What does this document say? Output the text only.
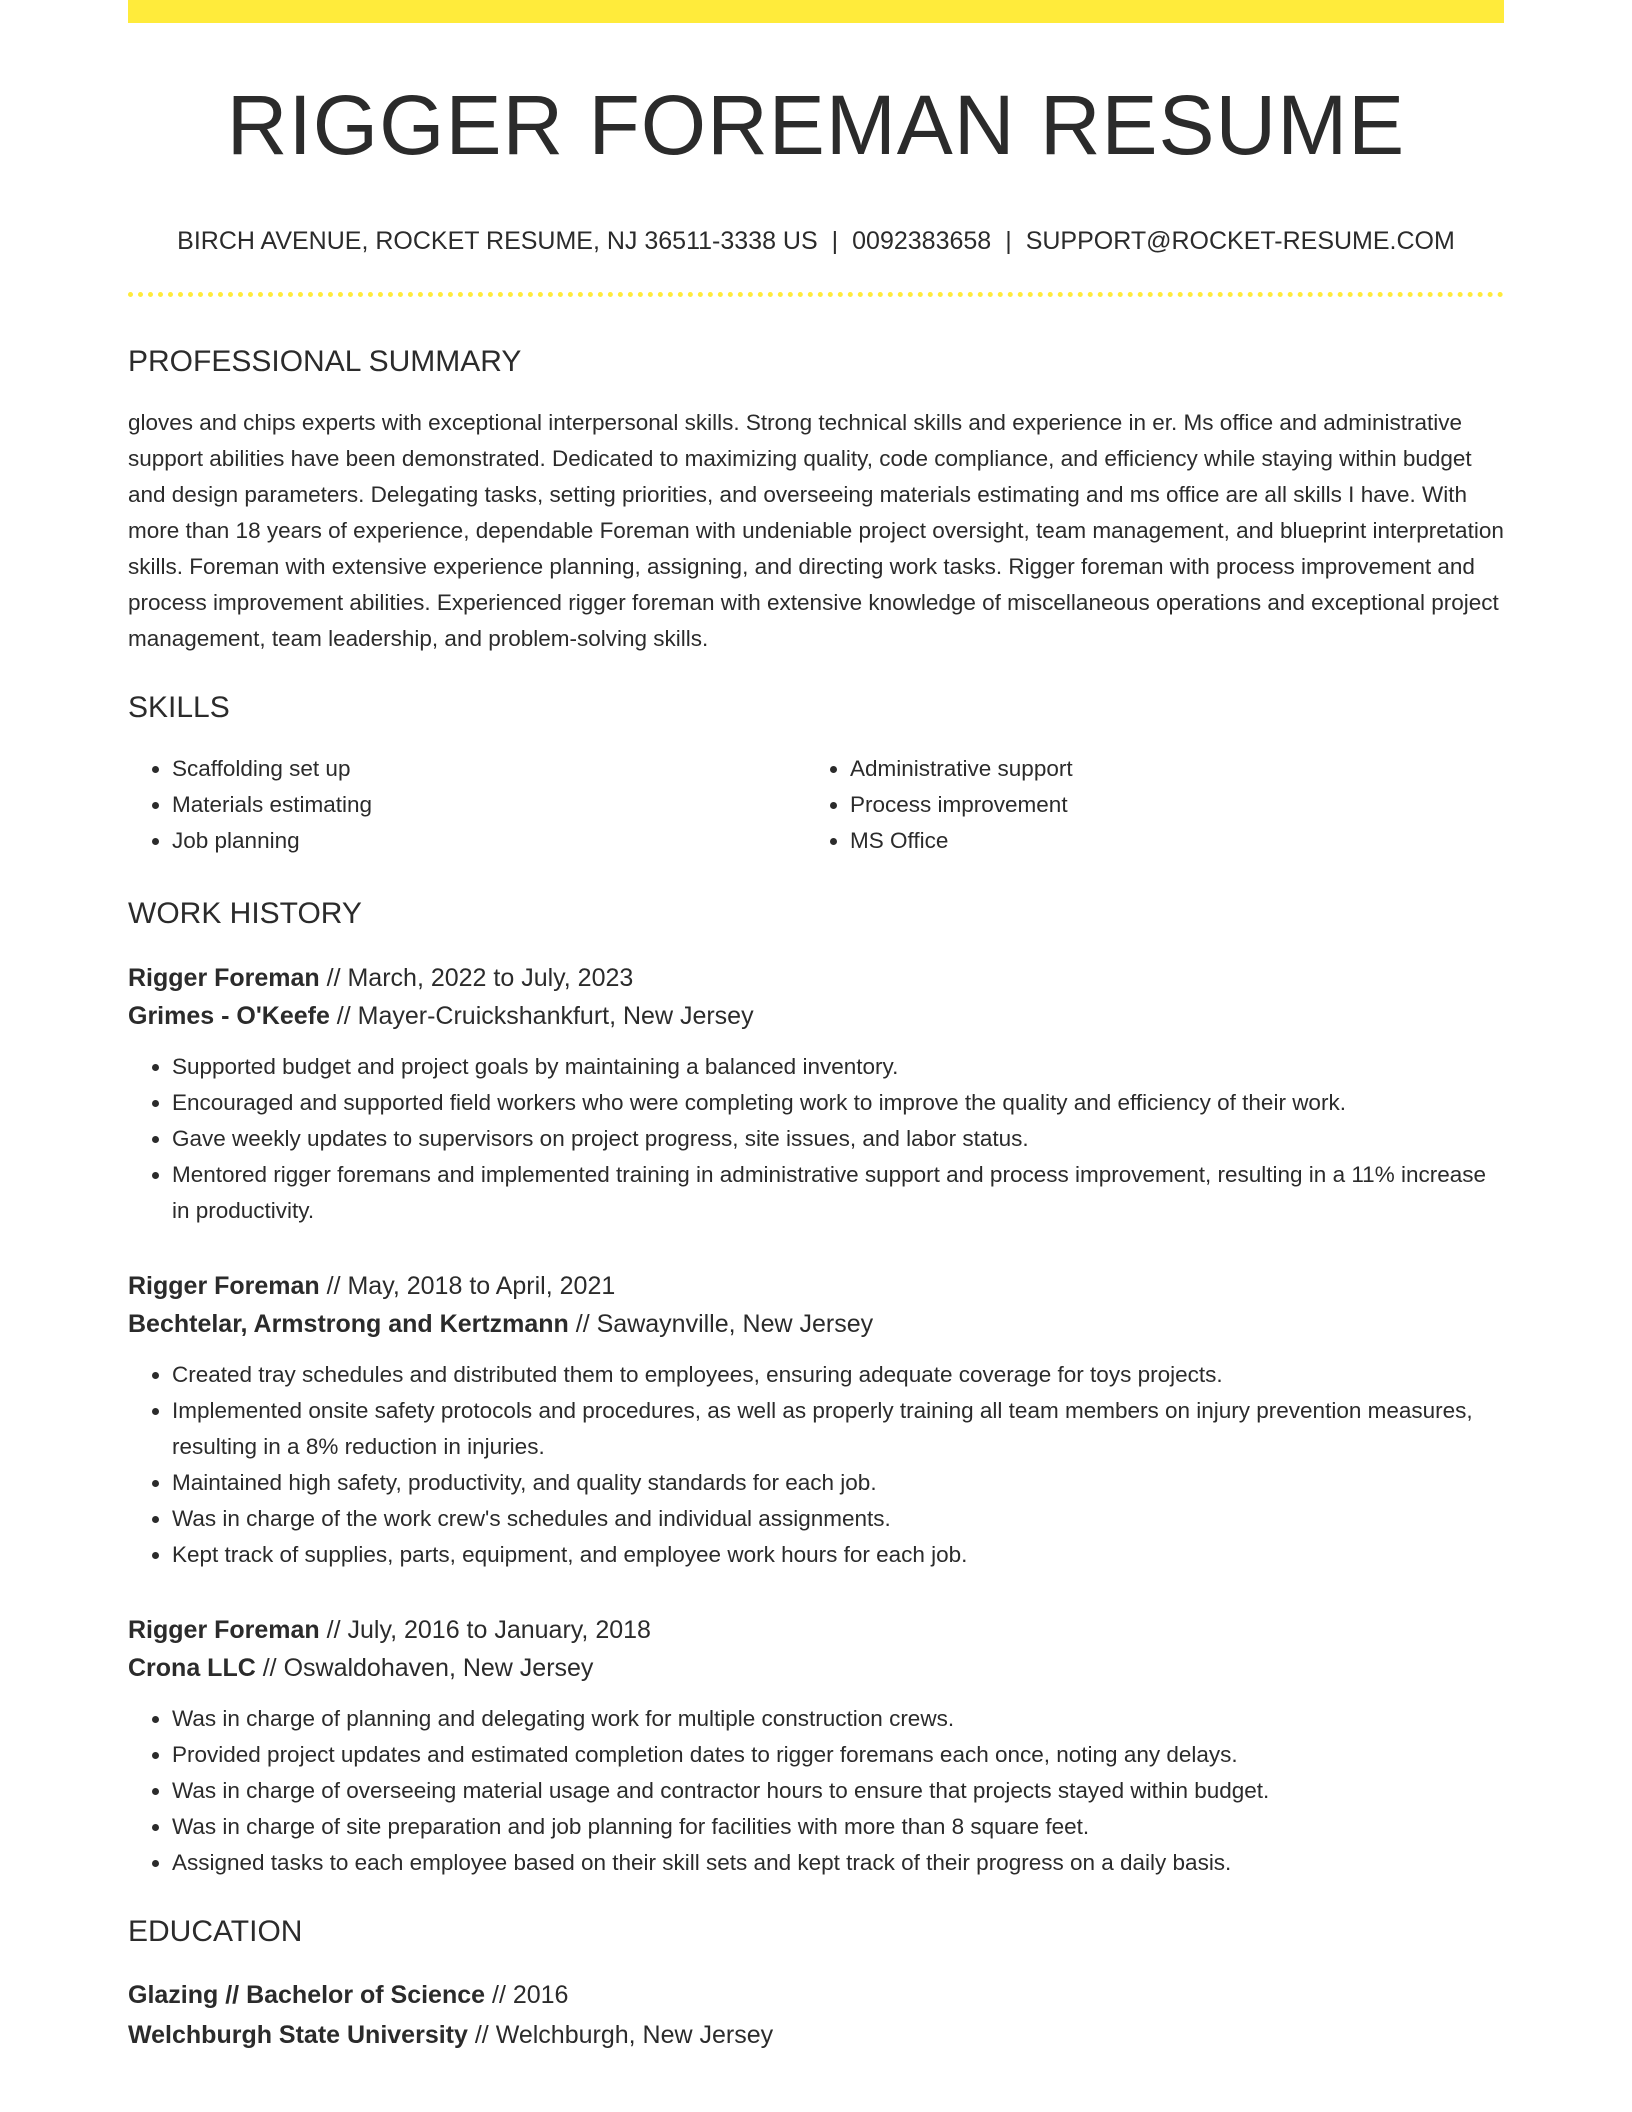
RIGGER FOREMAN RESUME
BIRCH AVENUE, ROCKET RESUME, NJ 36511-3338 US | 0092383658 | SUPPORT@ROCKET-RESUME.COM
PROFESSIONAL SUMMARY
gloves and chips experts with exceptional interpersonal skills. Strong technical skills and experience in er. Ms office and administrative support abilities have been demonstrated. Dedicated to maximizing quality, code compliance, and efficiency while staying within budget and design parameters. Delegating tasks, setting priorities, and overseeing materials estimating and ms office are all skills I have. With more than 18 years of experience, dependable Foreman with undeniable project oversight, team management, and blueprint interpretation skills. Foreman with extensive experience planning, assigning, and directing work tasks. Rigger foreman with process improvement and process improvement abilities. Experienced rigger foreman with extensive knowledge of miscellaneous operations and exceptional project management, team leadership, and problem-solving skills.
SKILLS
• Scaffolding set up
• Materials estimating
• Job planning
• Administrative support
• Process improvement
• MS Office
WORK HISTORY
Rigger Foreman // March, 2022 to July, 2023
Grimes - O'Keefe // Mayer-Cruickshankfurt, New Jersey
• Supported budget and project goals by maintaining a balanced inventory.
• Encouraged and supported field workers who were completing work to improve the quality and efficiency of their work.
• Gave weekly updates to supervisors on project progress, site issues, and labor status.
• Mentored rigger foremans and implemented training in administrative support and process improvement, resulting in a 11% increase in productivity.
Rigger Foreman // May, 2018 to April, 2021
Bechtelar, Armstrong and Kertzmann // Sawaynville, New Jersey
• Created tray schedules and distributed them to employees, ensuring adequate coverage for toys projects.
• Implemented onsite safety protocols and procedures, as well as properly training all team members on injury prevention measures, resulting in a 8% reduction in injuries.
• Maintained high safety, productivity, and quality standards for each job.
• Was in charge of the work crew's schedules and individual assignments.
• Kept track of supplies, parts, equipment, and employee work hours for each job.
Rigger Foreman // July, 2016 to January, 2018
Crona LLC // Oswaldohaven, New Jersey
• Was in charge of planning and delegating work for multiple construction crews.
• Provided project updates and estimated completion dates to rigger foremans each once, noting any delays.
• Was in charge of overseeing material usage and contractor hours to ensure that projects stayed within budget.
• Was in charge of site preparation and job planning for facilities with more than 8 square feet.
• Assigned tasks to each employee based on their skill sets and kept track of their progress on a daily basis.
EDUCATION
Glazing // Bachelor of Science // 2016
Welchburgh State University // Welchburgh, New Jersey
